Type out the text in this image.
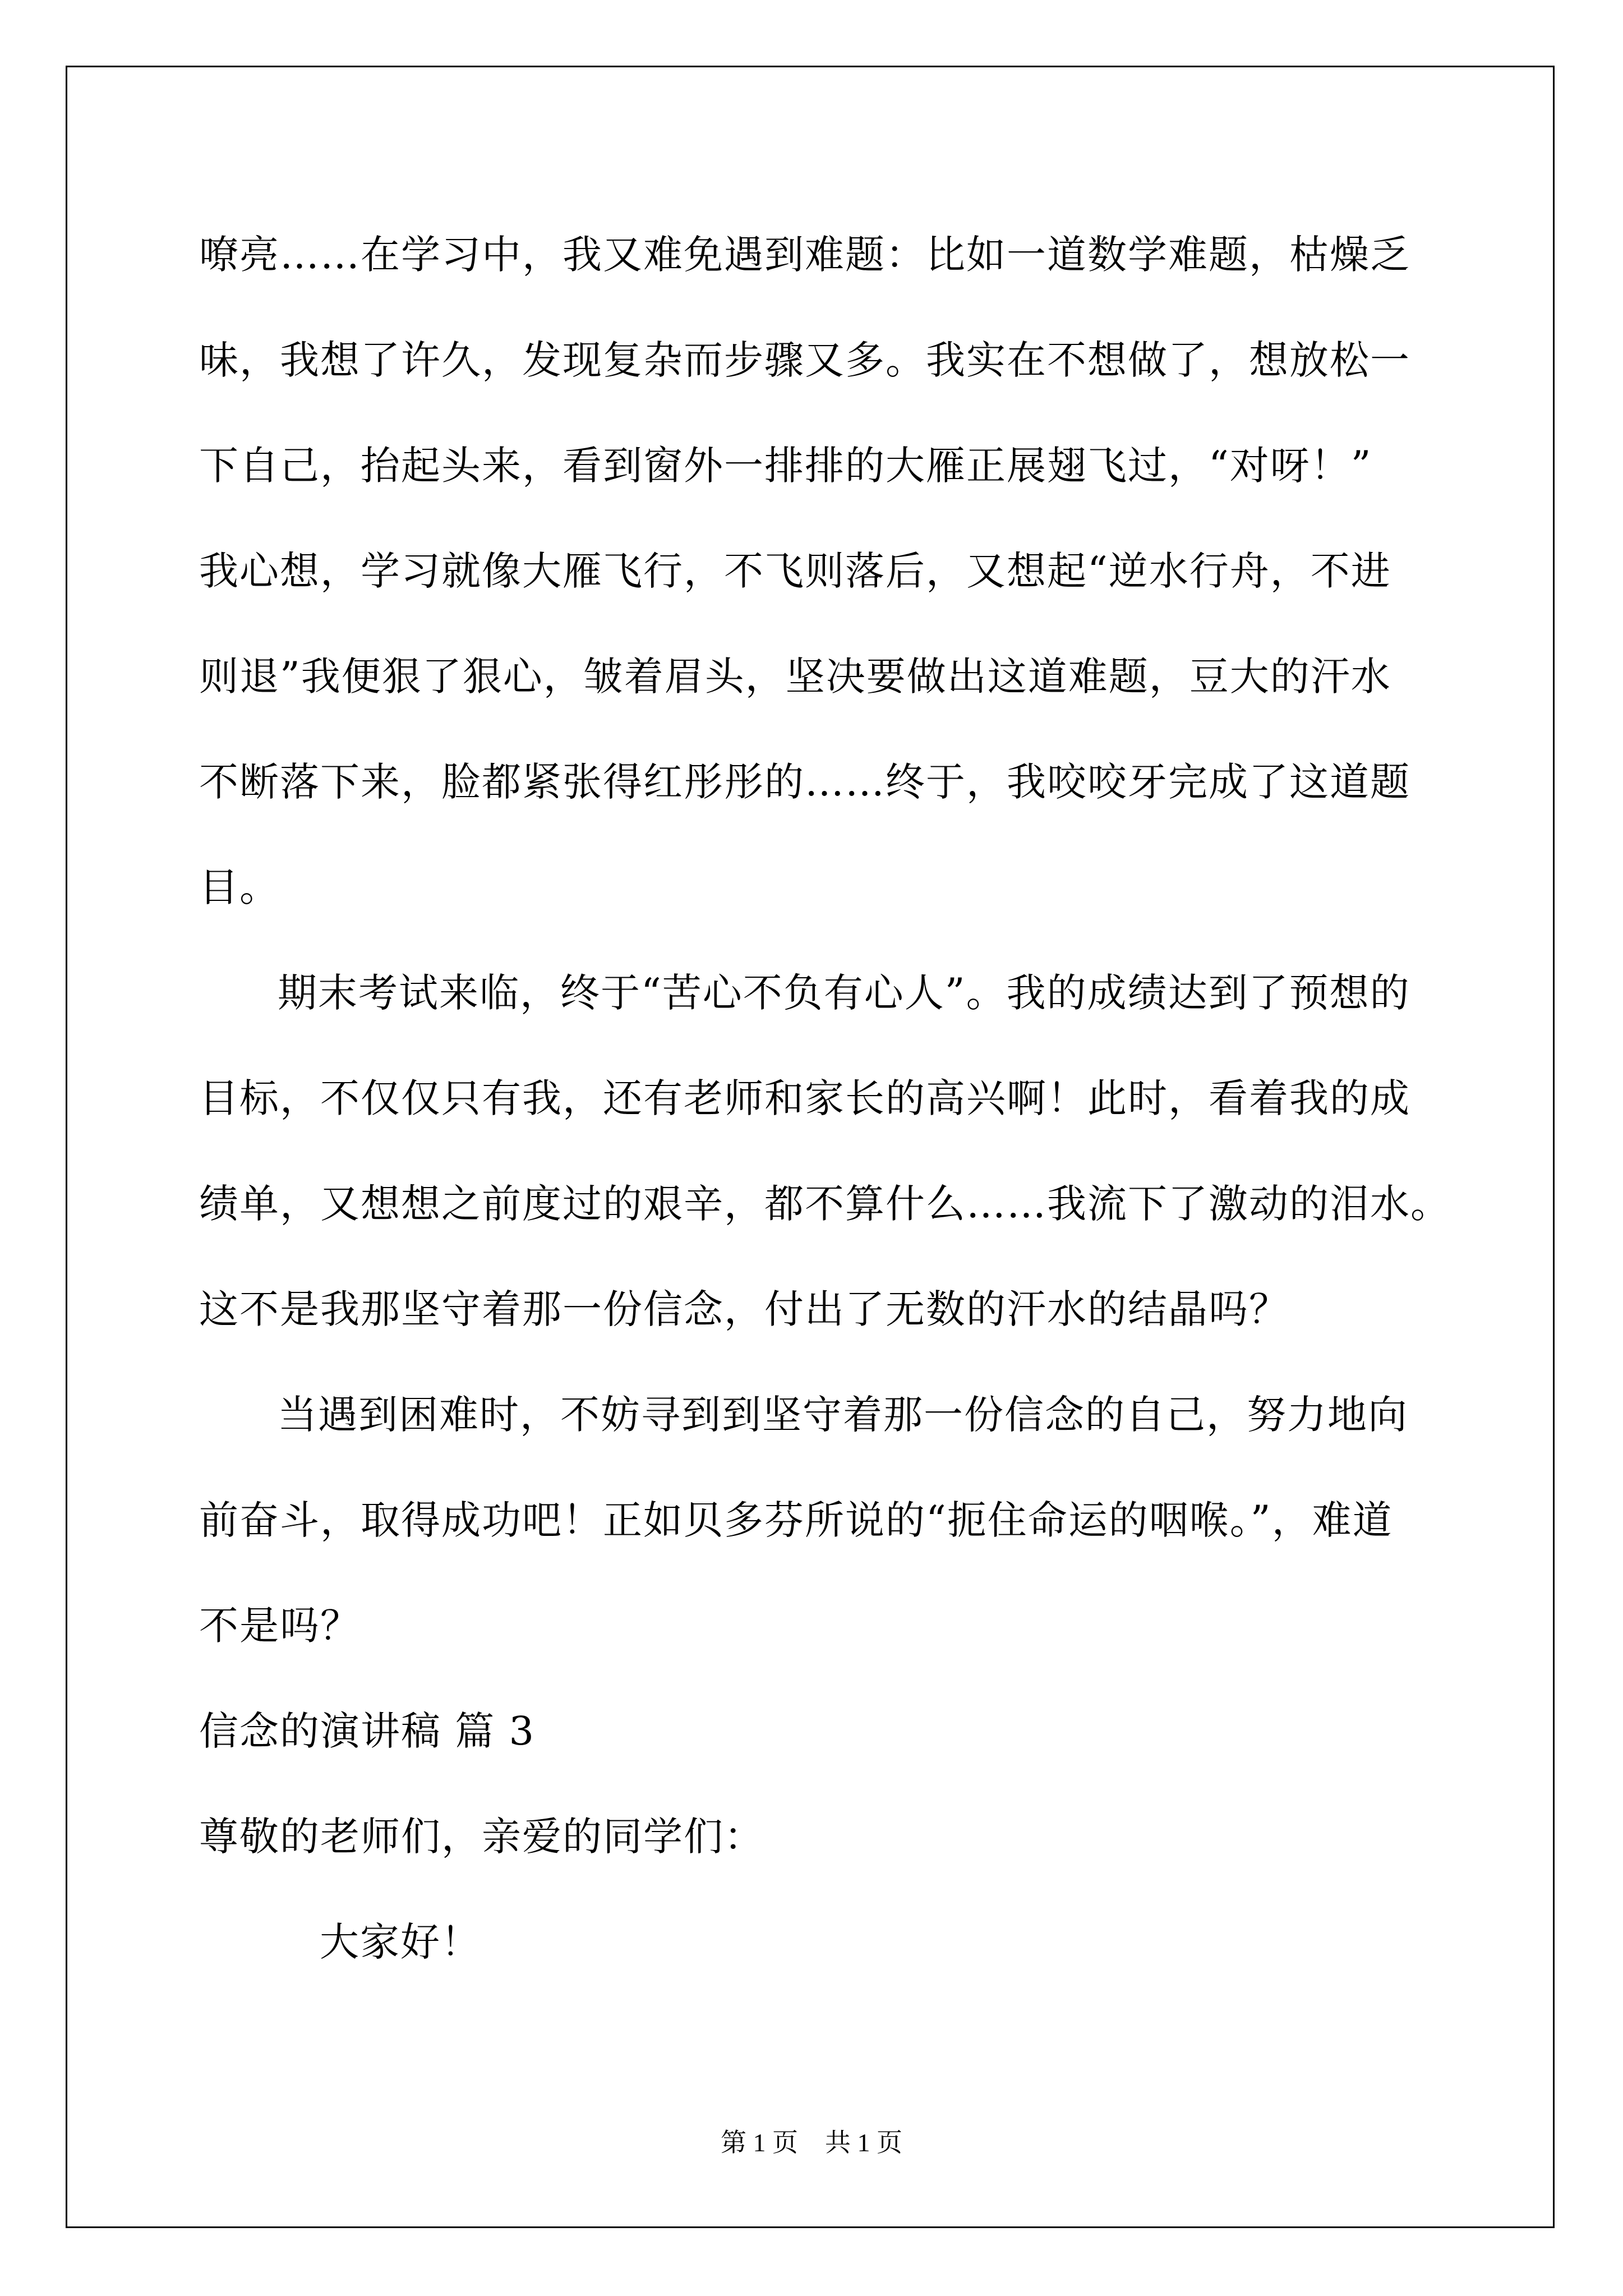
嘹亮……在学习中，我又难免遇到难题：比如一道数学难题，枯燥乏
味，我想了许久，发现复杂而步骤又多。我实在不想做了，想放松一
下自己，抬起头来，看到窗外一排排的大雁正展翅飞过，“对呀！”
我心想，学习就像大雁飞行，不飞则落后，又想起“逆水行舟，不进
则退”我便狠了狠心，皱着眉头，坚决要做出这道难题，豆大的汗水
不断落下来，脸都紧张得红彤彤的……终于，我咬咬牙完成了这道题
目。
期末考试来临，终于“苦心不负有心人”。我的成绩达到了预想的
目标，不仅仅只有我，还有老师和家长的高兴啊！此时，看着我的成
绩单，又想想之前度过的艰辛，都不算什么……我流下了激动的泪水。
这不是我那坚守着那一份信念，付出了无数的汗水的结晶吗？
当遇到困难时，不妨寻到到坚守着那一份信念的自己，努力地向
前奋斗，取得成功吧！正如贝多芬所说的“扼住命运的咽喉。”，难道
不是吗？
信念的演讲稿 篇 3
尊敬的老师们，亲爱的同学们：
大家好！
第 1 页 共 1 页
